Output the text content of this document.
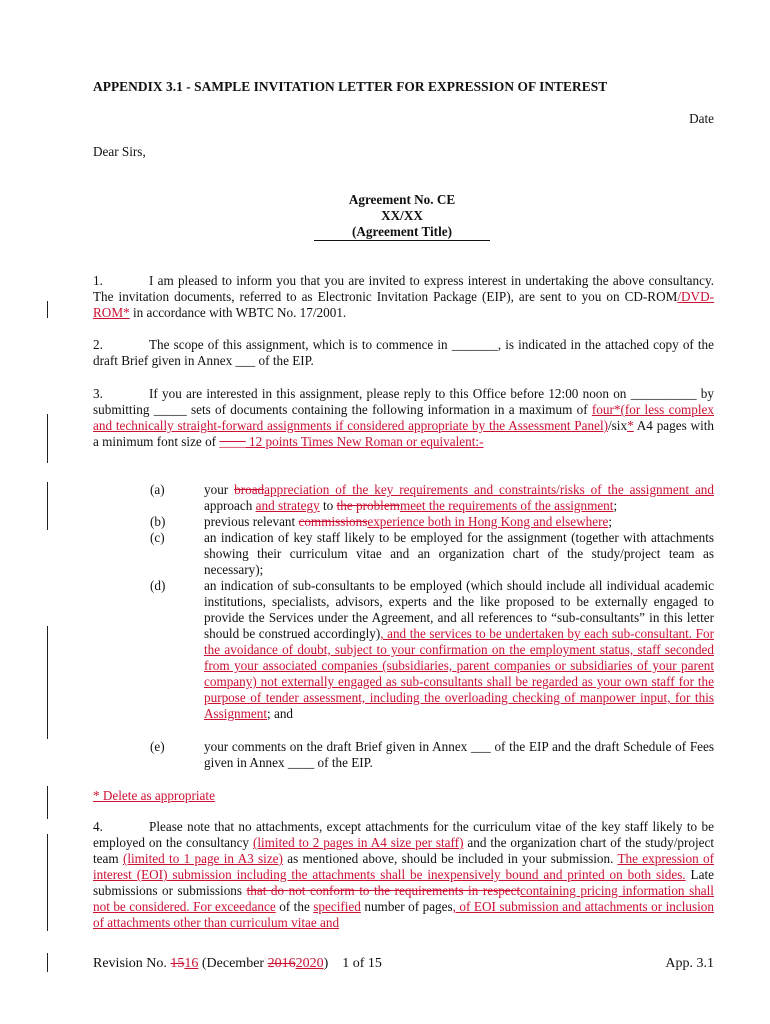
APPENDIX 3.1 - SAMPLE INVITATION LETTER FOR EXPRESSION OF INTEREST
Date
Dear Sirs,
Agreement No. CE
XX/XX
(Agreement Title)
1.	I am pleased to inform you that you are invited to express interest in undertaking the above consultancy. The invitation documents, referred to as Electronic Invitation Package (EIP), are sent to you on CD-ROM/DVD-ROM* in accordance with WBTC No. 17/2001.
2.	The scope of this assignment, which is to commence in _______, is indicated in the attached copy of the draft Brief given in Annex ___ of the EIP.
3.	If you are interested in this assignment, please reply to this Office before 12:00 noon on __________ by submitting _____ sets of documents containing the following information in a maximum of four*(for less complex and technically straight-forward assignments if considered appropriate by the Assessment Panel)/six* A4 pages with a minimum font size of ____ 12 points Times New Roman or equivalent:-
(a)	your broadappreciation of the key requirements and constraints/risks of the assignment and approach and strategy to the problemmeet the requirements of the assignment;
(b)	previous relevant commissionsexperience both in Hong Kong and elsewhere;
(c)	an indication of key staff likely to be employed for the assignment (together with attachments showing their curriculum vitae and an organization chart of the study/project team as necessary);
(d)	an indication of sub-consultants to be employed (which should include all individual academic institutions, specialists, advisors, experts and the like proposed to be externally engaged to provide the Services under the Agreement, and all references to “sub-consultants” in this letter should be construed accordingly), and the services to be undertaken by each sub-consultant. For the avoidance of doubt, subject to your confirmation on the employment status, staff seconded from your associated companies (subsidiaries, parent companies or subsidiaries of your parent company) not externally engaged as sub-consultants shall be regarded as your own staff for the purpose of tender assessment, including the overloading checking of manpower input, for this Assignment; and
(e)	your comments on the draft Brief given in Annex ___ of the EIP and the draft Schedule of Fees given in Annex ____ of the EIP.
* Delete as appropriate
4.	Please note that no attachments, except attachments for the curriculum vitae of the key staff likely to be employed on the consultancy (limited to 2 pages in A4 size per staff) and the organization chart of the study/project team (limited to 1 page in A3 size) as mentioned above, should be included in your submission. The expression of interest (EOI) submission including the attachments shall be inexpensively bound and printed on both sides. Late submissions or submissions that do not conform to the requirements in respectcontaining pricing information shall not be considered. For exceedance of the specified number of pages, of EOI submission and attachments or inclusion of attachments other than curriculum vitae and
Revision No. 1516 (December 20162020) 1 of 15	App. 3.1
